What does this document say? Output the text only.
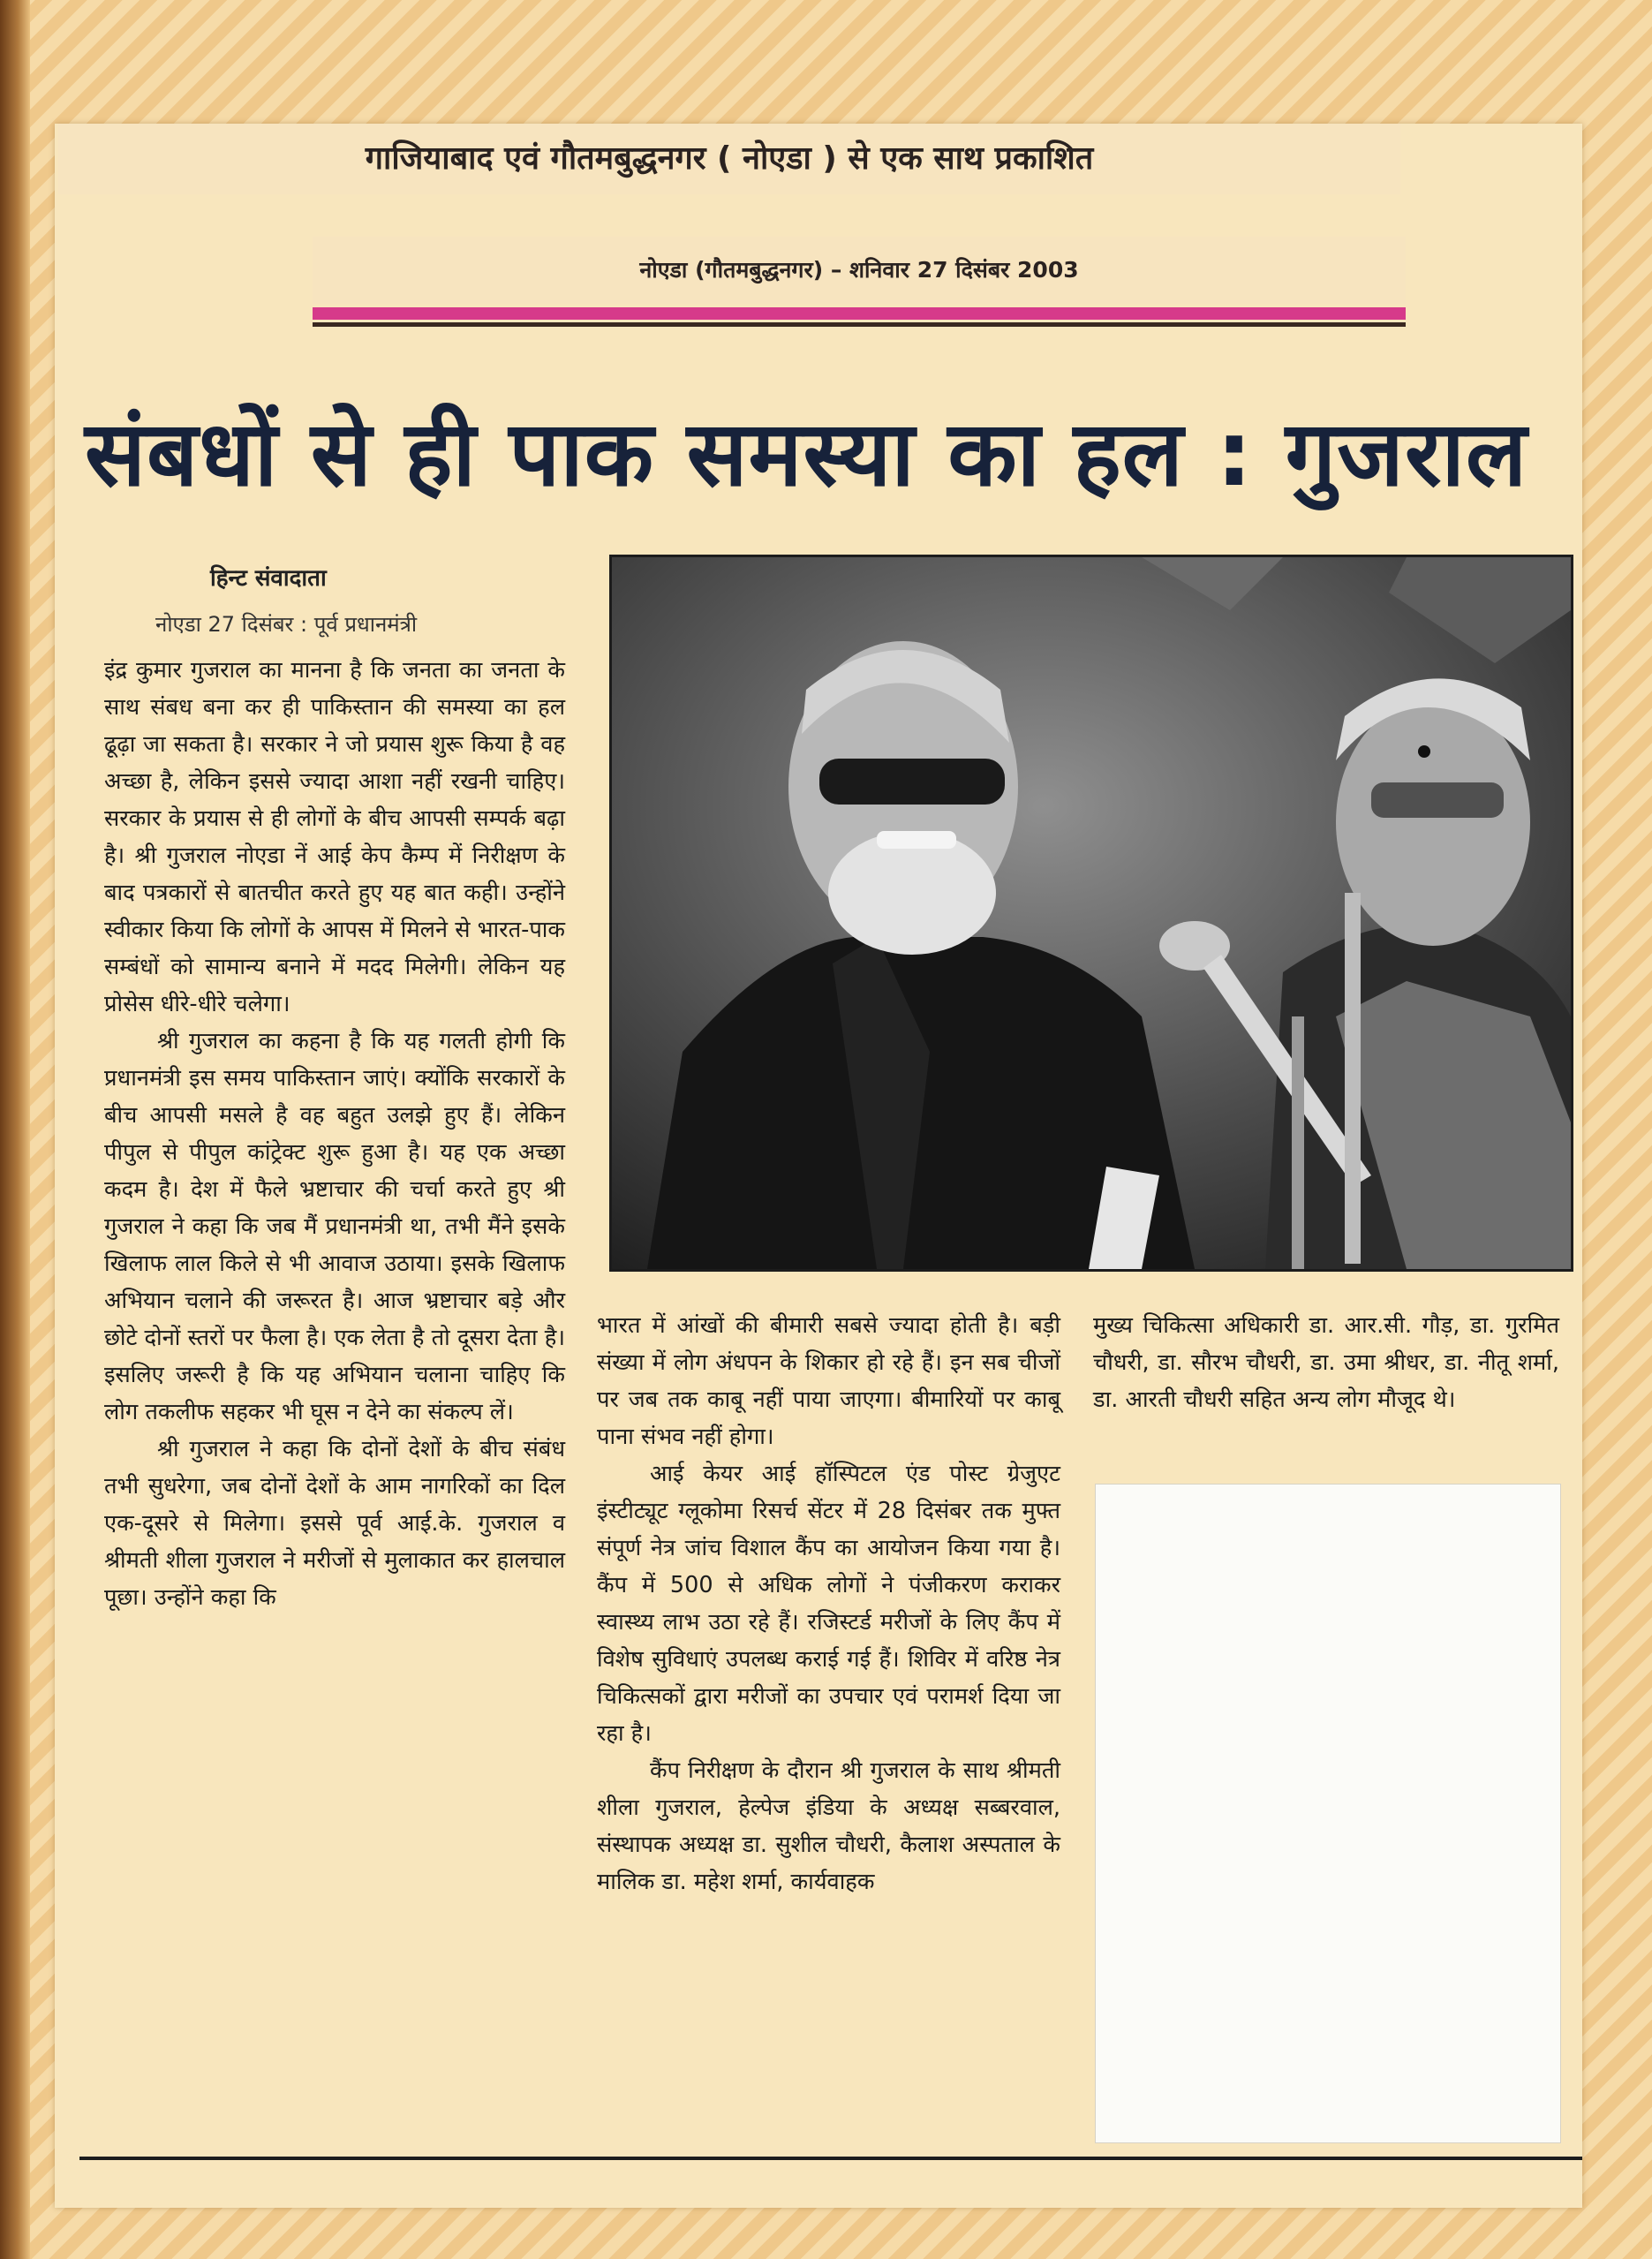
गाजियाबाद एवं गौतमबुद्धनगर ( नोएडा ) से एक साथ प्रकाशित
नोएडा (गौतमबुद्धनगर) – शनिवार 27 दिसंबर 2003
संबधों से ही पाक समस्या का हल : गुजराल
हिन्ट संवादाता
नोएडा 27 दिसंबर : पूर्व प्रधानमंत्री

इंद्र कुमार गुजराल का मानना है कि जनता का जनता के साथ संबध बना कर ही पाकिस्तान की समस्या का हल ढूढ़ा जा सकता है। सरकार ने जो प्रयास शुरू किया है वह अच्छा है, लेकिन इससे ज्यादा आशा नहीं रखनी चाहिए। सरकार के प्रयास से ही लोगों के बीच आपसी सम्पर्क बढ़ा है। श्री गुजराल नोएडा नें आई केप कैम्प में निरीक्षण के बाद पत्रकारों से बातचीत करते हुए यह बात कही। उन्होंने स्वीकार किया कि लोगों के आपस में मिलने से भारत-पाक सम्बंधों को सामान्य बनाने में मदद मिलेगी। लेकिन यह प्रोसेस धीरे-धीरे चलेगा।

श्री गुजराल का कहना है कि यह गलती होगी कि प्रधानमंत्री इस समय पाकिस्तान जाएं। क्योंकि सरकारों के बीच आपसी मसले है वह बहुत उलझे हुए हैं। लेकिन पीपुल से पीपुल कांट्रेक्ट शुरू हुआ है। यह एक अच्छा कदम है। देश में फैले भ्रष्टाचार की चर्चा करते हुए श्री गुजराल ने कहा कि जब मैं प्रधानमंत्री था, तभी मैंने इसके खिलाफ लाल किले से भी आवाज उठाया। इसके खिलाफ अभियान चलाने की जरूरत है। आज भ्रष्टाचार बड़े और छोटे दोनों स्तरों पर फैला है। एक लेता है तो दूसरा देता है। इसलिए जरूरी है कि यह अभियान चलाना चाहिए कि लोग तकलीफ सहकर भी घूस न देने का संकल्प लें।

श्री गुजराल ने कहा कि दोनों देशों के बीच संबंध तभी सुधरेगा, जब दोनों देशों के आम नागरिकों का दिल एक-दूसरे से मिलेगा। इससे पूर्व आई.के. गुजराल व श्रीमती शीला गुजराल ने मरीजों से मुलाकात कर हालचाल पूछा। उन्होंने कहा कि

भारत में आंखों की बीमारी सबसे ज्यादा होती है। बड़ी संख्या में लोग अंधपन के शिकार हो रहे हैं। इन सब चीजों पर जब तक काबू नहीं पाया जाएगा। बीमारियों पर काबू पाना संभव नहीं होगा।

आई केयर आई हॉस्पिटल एंड पोस्ट ग्रेजुएट इंस्टीट्यूट ग्लूकोमा रिसर्च सेंटर में 28 दिसंबर तक मुफ्त संपूर्ण नेत्र जांच विशाल कैंप का आयोजन किया गया है। कैंप में 500 से अधिक लोगों ने पंजीकरण कराकर स्वास्थ्य लाभ उठा रहे हैं। रजिस्टर्ड मरीजों के लिए कैंप में विशेष सुविधाएं उपलब्ध कराई गई हैं। शिविर में वरिष्ठ नेत्र चिकित्सकों द्वारा मरीजों का उपचार एवं परामर्श दिया जा रहा है।

कैंप निरीक्षण के दौरान श्री गुजराल के साथ श्रीमती शीला गुजराल, हेल्पेज इंडिया के अध्यक्ष सब्बरवाल, संस्थापक अध्यक्ष डा. सुशील चौधरी, कैलाश अस्पताल के मालिक डा. महेश शर्मा, कार्यवाहक

मुख्य चिकित्सा अधिकारी डा. आर.सी. गौड़, डा. गुरमित चौधरी, डा. सौरभ चौधरी, डा. उमा श्रीधर, डा. नीतू शर्मा, डा. आरती चौधरी सहित अन्य लोग मौजूद थे।
